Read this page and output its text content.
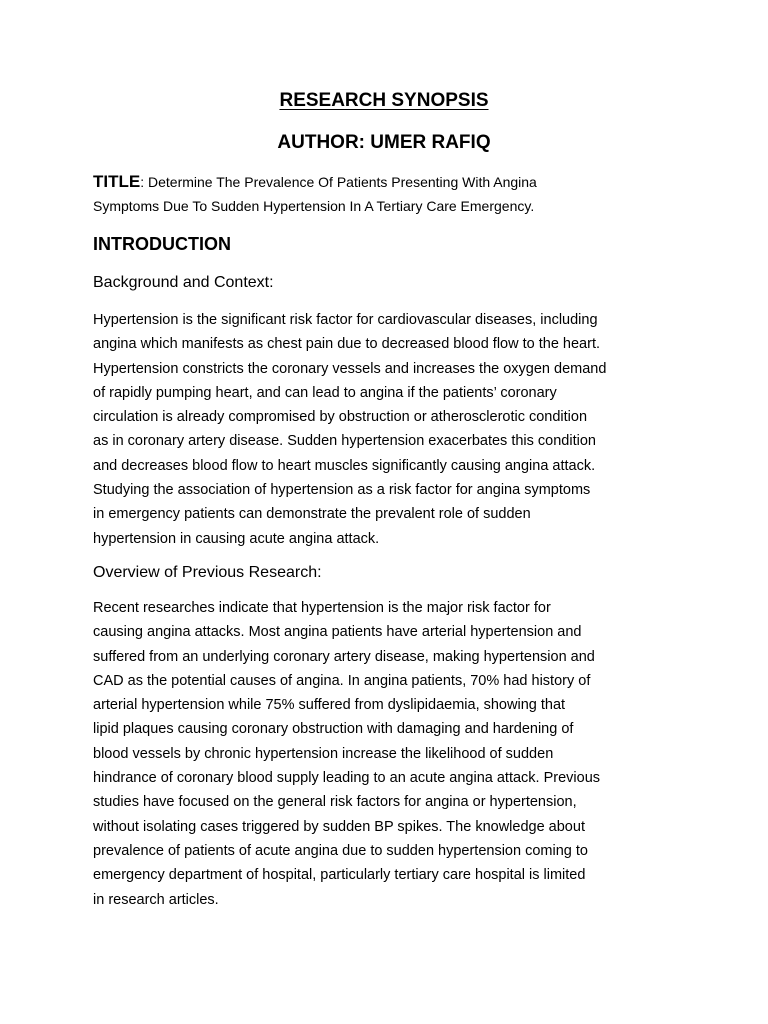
RESEARCH SYNOPSIS
AUTHOR: UMER RAFIQ
TITLE: Determine The Prevalence Of Patients Presenting With Angina
Symptoms Due To Sudden Hypertension In A Tertiary Care Emergency.
INTRODUCTION
Background and Context:
Hypertension is the significant risk factor for cardiovascular diseases, including
angina which manifests as chest pain due to decreased blood flow to the heart.
Hypertension constricts the coronary vessels and increases the oxygen demand
of rapidly pumping heart, and can lead to angina if the patients’ coronary
circulation is already compromised by obstruction or atherosclerotic condition
as in coronary artery disease. Sudden hypertension exacerbates this condition
and decreases blood flow to heart muscles significantly causing angina attack.
Studying the association of hypertension as a risk factor for angina symptoms
in emergency patients can demonstrate the prevalent role of sudden
hypertension in causing acute angina attack.
Overview of Previous Research:
Recent researches indicate that hypertension is the major risk factor for
causing angina attacks. Most angina patients have arterial hypertension and
suffered from an underlying coronary artery disease, making hypertension and
CAD as the potential causes of angina. In angina patients, 70% had history of
arterial hypertension while 75% suffered from dyslipidaemia, showing that
lipid plaques causing coronary obstruction with damaging and hardening of
blood vessels by chronic hypertension increase the likelihood of sudden
hindrance of coronary blood supply leading to an acute angina attack. Previous
studies have focused on the general risk factors for angina or hypertension,
without isolating cases triggered by sudden BP spikes. The knowledge about
prevalence of patients of acute angina due to sudden hypertension coming to
emergency department of hospital, particularly tertiary care hospital is limited
in research articles.
